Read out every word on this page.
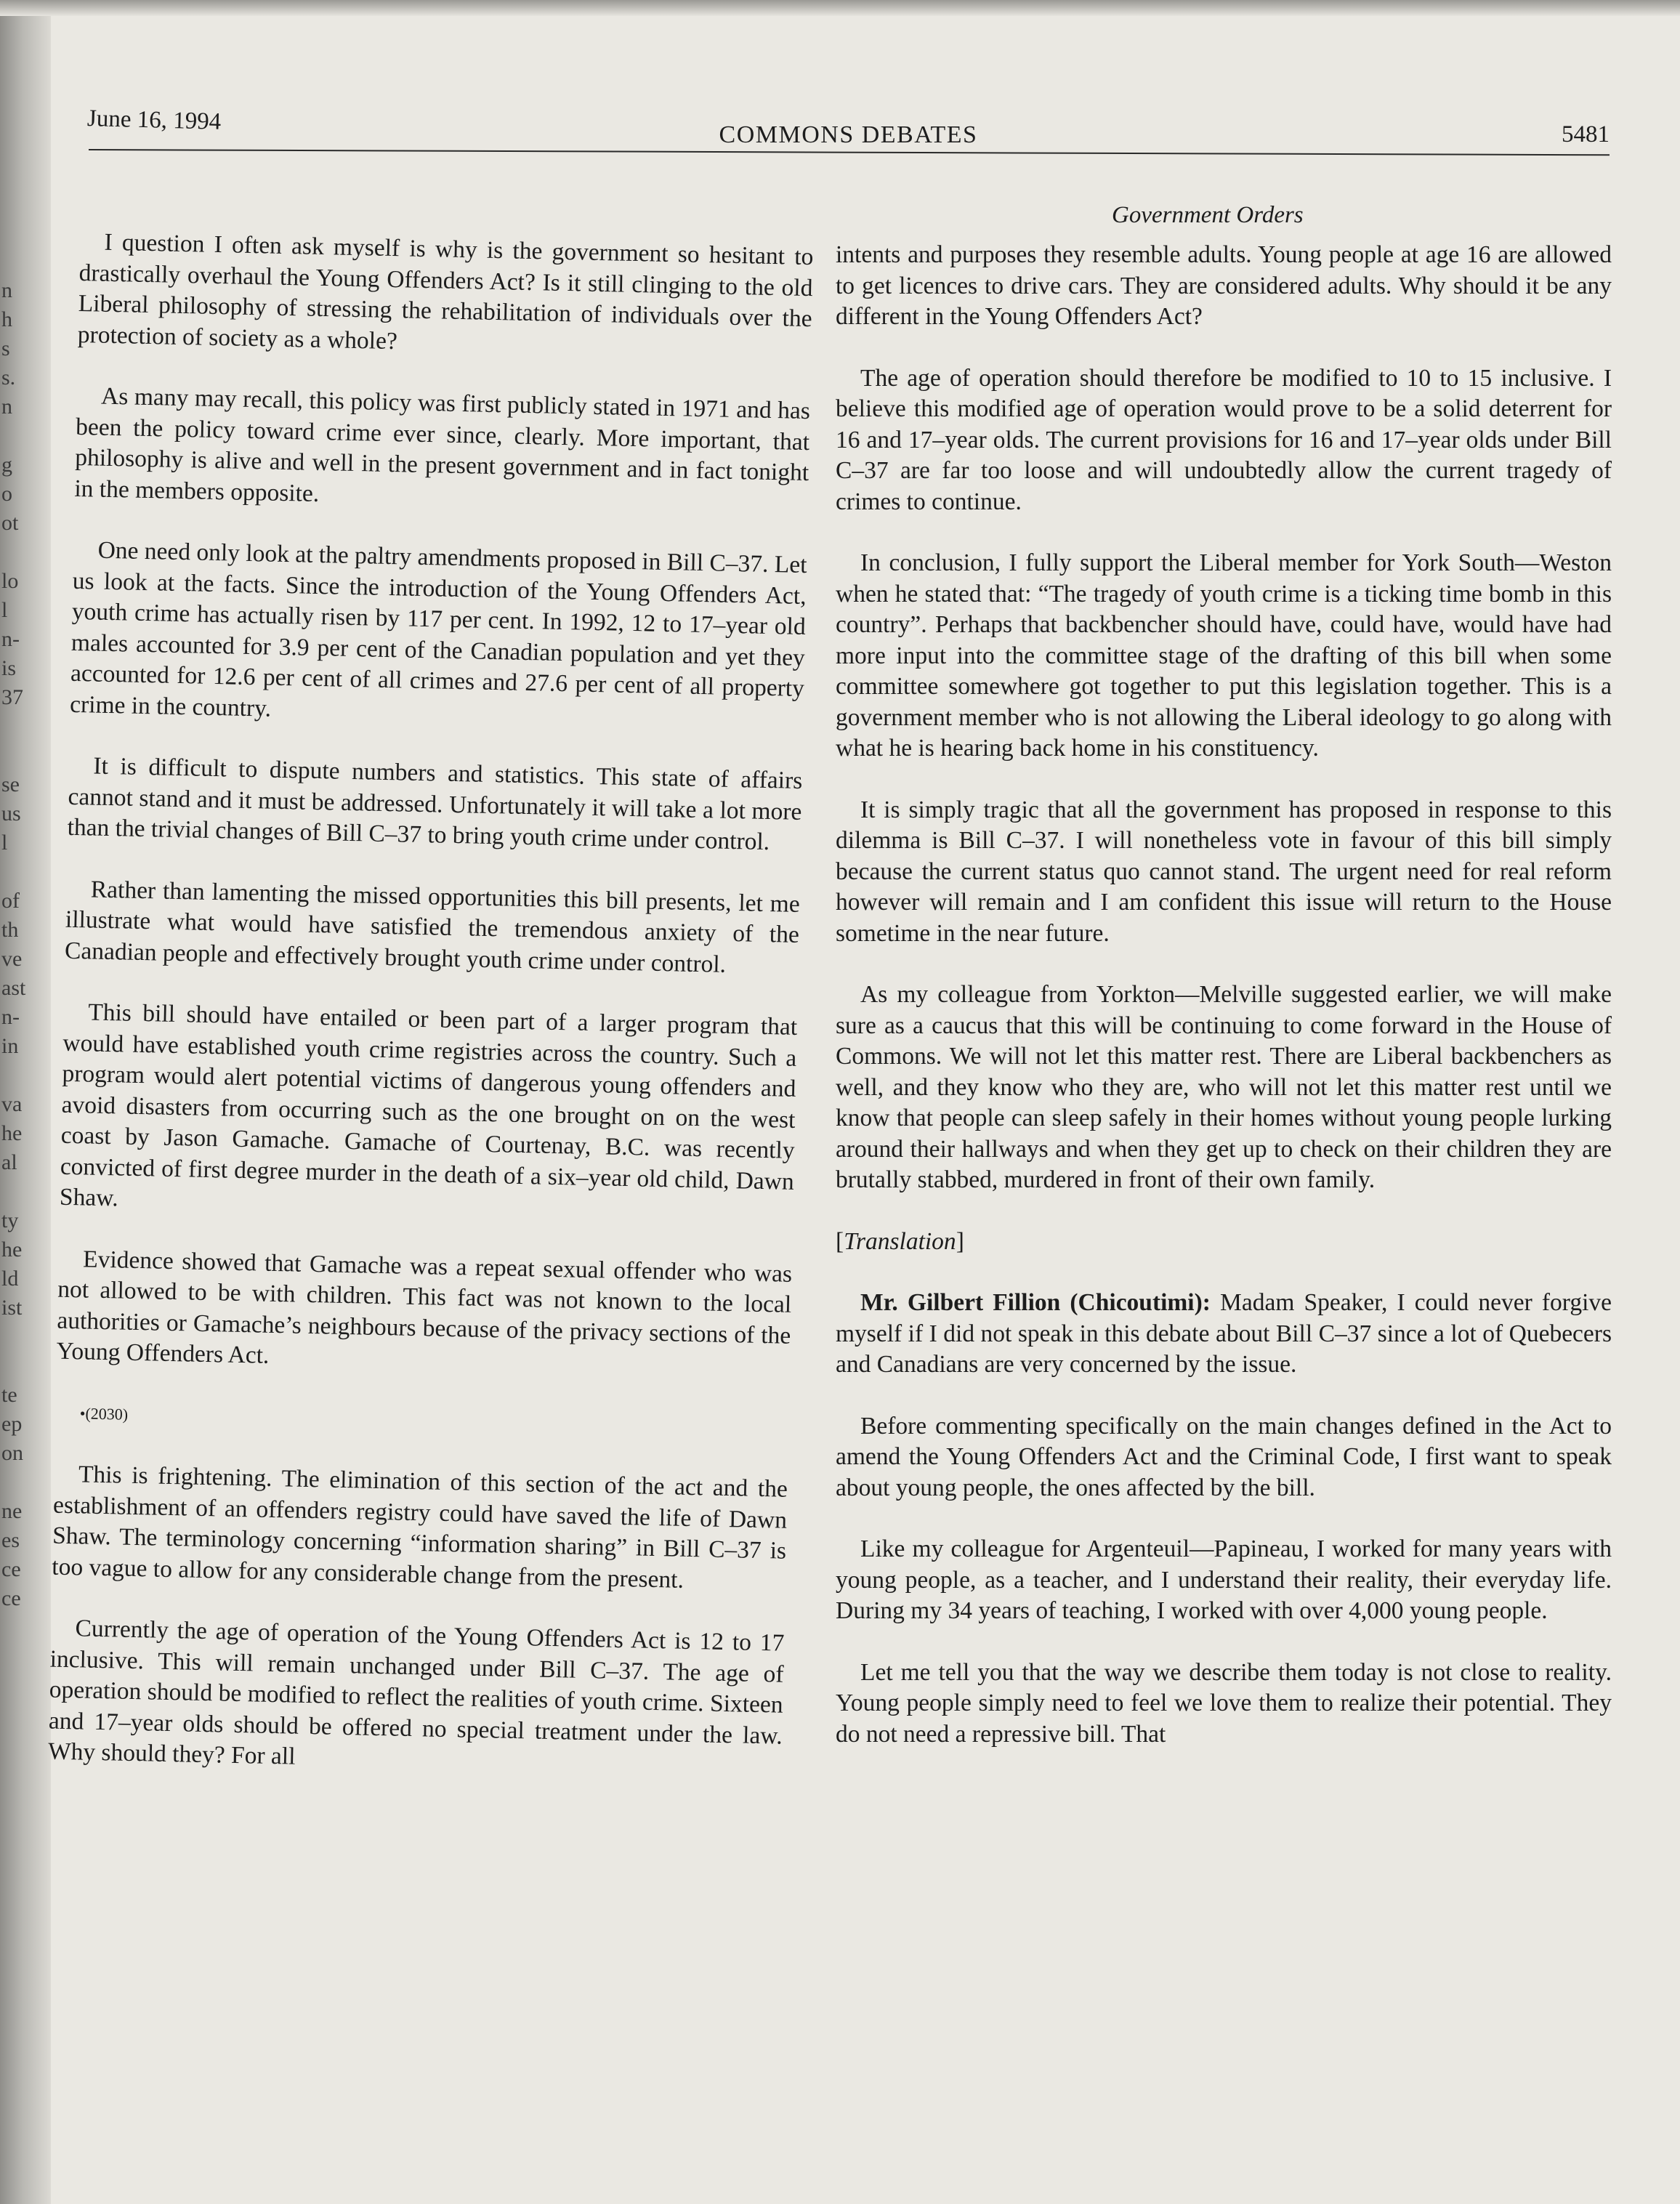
n
h
s
s.
n
g
o
ot
lo
l
n-
is
37
se
us
l
of
th
ve
ast
n-
in
va
he
al
ty
he
ld
ist
te
ep
on
ne
es
ce
ce
June 16, 1994	COMMONS DEBATES	5481
Government Orders

I question I often ask myself is why is the government so hesitant to drastically overhaul the Young Offenders Act? Is it still clinging to the old Liberal philosophy of stressing the rehabilitation of individuals over the protection of society as a whole?

As many may recall, this policy was first publicly stated in 1971 and has been the policy toward crime ever since, clearly. More important, that philosophy is alive and well in the present government and in fact tonight in the members opposite.

One need only look at the paltry amendments proposed in Bill C–37. Let us look at the facts. Since the introduction of the Young Offenders Act, youth crime has actually risen by 117 per cent. In 1992, 12 to 17–year old males accounted for 3.9 per cent of the Canadian population and yet they accounted for 12.6 per cent of all crimes and 27.6 per cent of all property crime in the country.

It is difficult to dispute numbers and statistics. This state of affairs cannot stand and it must be addressed. Unfortunately it will take a lot more than the trivial changes of Bill C–37 to bring youth crime under control.

Rather than lamenting the missed opportunities this bill presents, let me illustrate what would have satisfied the tremendous anxiety of the Canadian people and effectively brought youth crime under control.

This bill should have entailed or been part of a larger program that would have established youth crime registries across the country. Such a program would alert potential victims of dangerous young offenders and avoid disasters from occurring such as the one brought on on the west coast by Jason Gamache. Gamache of Courtenay, B.C. was recently convicted of first degree murder in the death of a six–year old child, Dawn Shaw.

Evidence showed that Gamache was a repeat sexual offender who was not allowed to be with children. This fact was not known to the local authorities or Gamache’s neighbours because of the privacy sections of the Young Offenders Act.

•(2030)

This is frightening. The elimination of this section of the act and the establishment of an offenders registry could have saved the life of Dawn Shaw. The terminology concerning “information sharing” in Bill C–37 is too vague to allow for any considerable change from the present.

Currently the age of operation of the Young Offenders Act is 12 to 17 inclusive. This will remain unchanged under Bill C–37. The age of operation should be modified to reflect the realities of youth crime. Sixteen and 17–year olds should be offered no special treatment under the law. Why should they? For all

intents and purposes they resemble adults. Young people at age 16 are allowed to get licences to drive cars. They are considered adults. Why should it be any different in the Young Offenders Act?

The age of operation should therefore be modified to 10 to 15 inclusive. I believe this modified age of operation would prove to be a solid deterrent for 16 and 17–year olds. The current provisions for 16 and 17–year olds under Bill C–37 are far too loose and will undoubtedly allow the current tragedy of crimes to continue.

In conclusion, I fully support the Liberal member for York South—Weston when he stated that: “The tragedy of youth crime is a ticking time bomb in this country”. Perhaps that backbencher should have, could have, would have had more input into the committee stage of the drafting of this bill when some committee somewhere got together to put this legislation together. This is a government member who is not allowing the Liberal ideology to go along with what he is hearing back home in his constituency.

It is simply tragic that all the government has proposed in response to this dilemma is Bill C–37. I will nonetheless vote in favour of this bill simply because the current status quo cannot stand. The urgent need for real reform however will remain and I am confident this issue will return to the House sometime in the near future.

As my colleague from Yorkton—Melville suggested earlier, we will make sure as a caucus that this will be continuing to come forward in the House of Commons. We will not let this matter rest. There are Liberal backbenchers as well, and they know who they are, who will not let this matter rest until we know that people can sleep safely in their homes without young people lurking around their hallways and when they get up to check on their children they are brutally stabbed, murdered in front of their own family.

[Translation]

Mr. Gilbert Fillion (Chicoutimi): Madam Speaker, I could never forgive myself if I did not speak in this debate about Bill C–37 since a lot of Quebecers and Canadians are very concerned by the issue.

Before commenting specifically on the main changes defined in the Act to amend the Young Offenders Act and the Criminal Code, I first want to speak about young people, the ones affected by the bill.

Like my colleague for Argenteuil—Papineau, I worked for many years with young people, as a teacher, and I understand their reality, their everyday life. During my 34 years of teaching, I worked with over 4,000 young people.

Let me tell you that the way we describe them today is not close to reality. Young people simply need to feel we love them to realize their potential. They do not need a repressive bill. That
